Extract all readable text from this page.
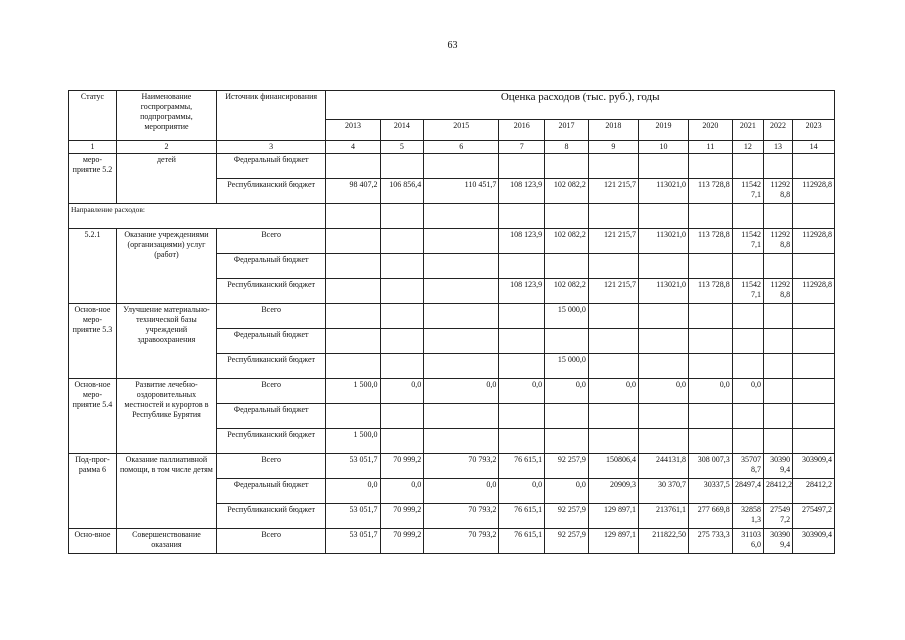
63
Статус	Наименование госпрограммы, подпрограммы, мероприятие	Источник финансирования	Оценка расходов (тыс. руб.), годы										
			2013	2014	2015	2016	2017	2018	2019	2020	2021	2022	2023
1	2	3	4	5	6	7	8	9	10	11	12	13	14
меро-приятие 5.2	детей	Федеральный бюджет											
		Республиканский бюджет	98 407,2	106 856,4	110 451,7	108 123,9	102 082,2	121 215,7	113021,0	113 728,8	11542 7,1	11292 8,8	112928,8
Направление расходов:													
5.2.1	Оказание учреждениями (организациями) услуг (работ)	Всего				108 123,9	102 082,2	121 215,7	113021,0	113 728,8	11542 7,1	11292 8,8	112928,8
		Федеральный бюджет											
		Республиканский бюджет				108 123,9	102 082,2	121 215,7	113021,0	113 728,8	11542 7,1	11292 8,8	112928,8
Основ-ное меро-приятие 5.3	Улучшение материально-технической базы учреждений здравоохранения	Всего					15 000,0						
		Федеральный бюджет											
		Республиканский бюджет					15 000,0						
Основ-ное меро-приятие 5.4	Развитие лечебно-оздоровительных местностей и курортов в Республике Бурятия	Всего	1 500,0	0,0	0,0	0,0	0,0	0,0	0,0	0,0	0,0		
		Федеральный бюджет											
		Республиканский бюджет	1 500,0										
Под-прог-рамма 6	Оказание паллиативной помощи, в том числе детям	Всего	53 051,7	70 999,2	70 793,2	76 615,1	92 257,9	150806,4	244131,8	308 007,3	35707 8,7	30390 9,4	303909,4
		Федеральный бюджет	0,0	0,0	0,0	0,0	0,0	20909,3	30 370,7	30337,5	28497,4	28412,2	28412,2
		Республиканский бюджет	53 051,7	70 999,2	70 793,2	76 615,1	92 257,9	129 897,1	213761,1	277 669,8	32858 1,3	27549 7,2	275497,2
Осно-вное	Совершенствование оказания	Всего	53 051,7	70 999,2	70 793,2	76 615,1	92 257,9	129 897,1	211822,50	275 733,3	31103 6,0	30390 9,4	303909,4
